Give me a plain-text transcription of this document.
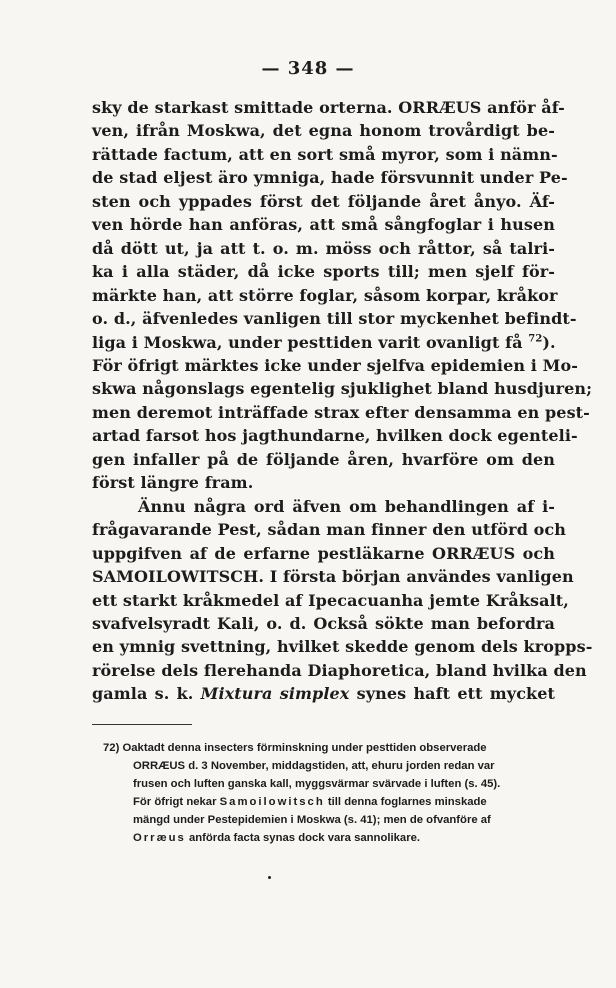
— 348 —
sky de starkast smittade orterna. ORRÆUS anför åf-
ven, ifrån Moskwa, det egna honom trovårdigt be-
rättade factum, att en sort små myror, som i nämn-
de stad eljest äro ymniga, hade försvunnit under Pe-
sten och yppades först det följande året ånyo. Äf-
ven hörde han anföras, att små sångfoglar i husen
då dött ut, ja att t. o. m. möss och råttor, så talri-
ka i alla städer, då icke sports till; men sjelf för-
märkte han, att större foglar, såsom korpar, kråkor
o. d., äfvenledes vanligen till stor myckenhet befindt-
liga i Moskwa, under pesttiden varit ovanligt få $^{72}$).
För öfrigt märktes icke under sjelfva epidemien i Mo-
skwa någonslags egentelig sjuklighet bland husdjuren;
men deremot inträffade strax efter densamma en pest-
artad farsot hos jagthundarne, hvilken dock egenteli-
gen infaller på de följande åren, hvarföre om den
först längre fram.
Ännu några ord äfven om behandlingen af i-
frågavarande Pest, sådan man finner den utförd och
uppgifven af de erfarne pestläkarne ORRÆUS och
SAMOILOWITSCH. I första början användes vanligen
ett starkt kråkmedel af Ipecacuanha jemte Kråksalt,
svafvelsyradt Kali, o. d. Också sökte man befordra
en ymnig svettning, hvilket skedde genom dels kropps-
rörelse dels flerehanda Diaphoretica, bland hvilka den
gamla s. k. Mixtura simplex synes haft ett mycket
72) Oaktadt denna insecters förminskning under pesttiden observerade
ORRÆUS d. 3 November, middagstiden, att, ehuru jorden redan var
frusen och luften ganska kall, myggsvärmar svärvade i luften (s. 45).
För öfrigt nekar Samoilowitsch till denna foglarnes minskade
mängd under Pestepidemien i Moskwa (s. 41); men de ofvanföre af
Orræus anförda facta synas dock vara sannolikare.
